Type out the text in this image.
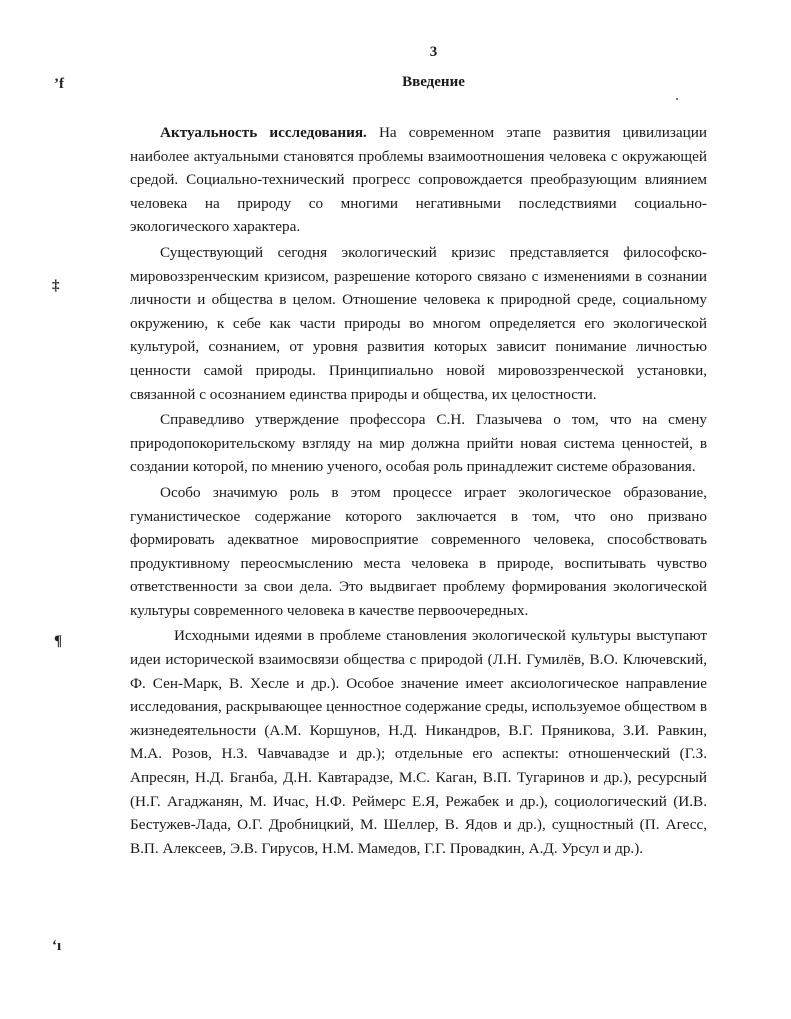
3
Введение
’f
‡
¶
‘ı

Актуальность исследования. На современном этапе развития цивилизации наиболее актуальными становятся проблемы взаимоотношения человека с окружающей средой. Социально-технический прогресс сопровождается преобразующим влиянием человека на природу со многими негативными последствиями социально-экологического характера.

Существующий сегодня экологический кризис представляется философско-мировоззренческим кризисом, разрешение которого связано с изменениями в сознании личности и общества в целом. Отношение человека к природной среде, социальному окружению, к себе как части природы во многом определяется его экологической культурой, сознанием, от уровня развития которых зависит понимание личностью ценности самой природы. Принципиально новой мировоззренческой установки, связанной с осознанием единства природы и общества, их целостности.

Справедливо утверждение профессора С.Н. Глазычева о том, что на смену природопокорительскому взгляду на мир должна прийти новая система ценностей, в создании которой, по мнению ученого, особая роль принадлежит системе образования.

Особо значимую роль в этом процессе играет экологическое образование, гуманистическое содержание которого заключается в том, что оно призвано формировать адекватное мировосприятие современного человека, способствовать продуктивному переосмыслению места человека в природе, воспитывать чувство ответственности за свои дела. Это выдвигает проблему формирования экологической культуры современного человека в качестве первоочередных.

Исходными идеями в проблеме становления экологической культуры выступают идеи исторической взаимосвязи общества с природой (Л.Н. Гумилёв, В.О. Ключевский, Ф. Сен-Марк, В. Хесле и др.). Особое значение имеет аксиологическое направление исследования, раскрывающее ценностное содержание среды, используемое обществом в жизнедеятельности (А.М. Коршунов, Н.Д. Никандров, В.Г. Пряникова, З.И. Равкин, М.А. Розов, Н.З. Чавчавадзе и др.); отдельные его аспекты: отношенческий (Г.З. Апресян, Н.Д. Бганба, Д.Н. Кавтарадзе, М.С. Каган, В.П. Тугаринов и др.), ресурсный (Н.Г. Агаджанян, М. Ичас, Н.Ф. Реймерс Е.Я, Режабек и др.), социологический (И.В. Бестужев-Лада, О.Г. Дробницкий, М. Шеллер, В. Ядов и др.), сущностный (П. Агесс, В.П. Алексеев, Э.В. Гирусов, Н.М. Мамедов, Г.Г. Провадкин, А.Д. Урсул и др.).
